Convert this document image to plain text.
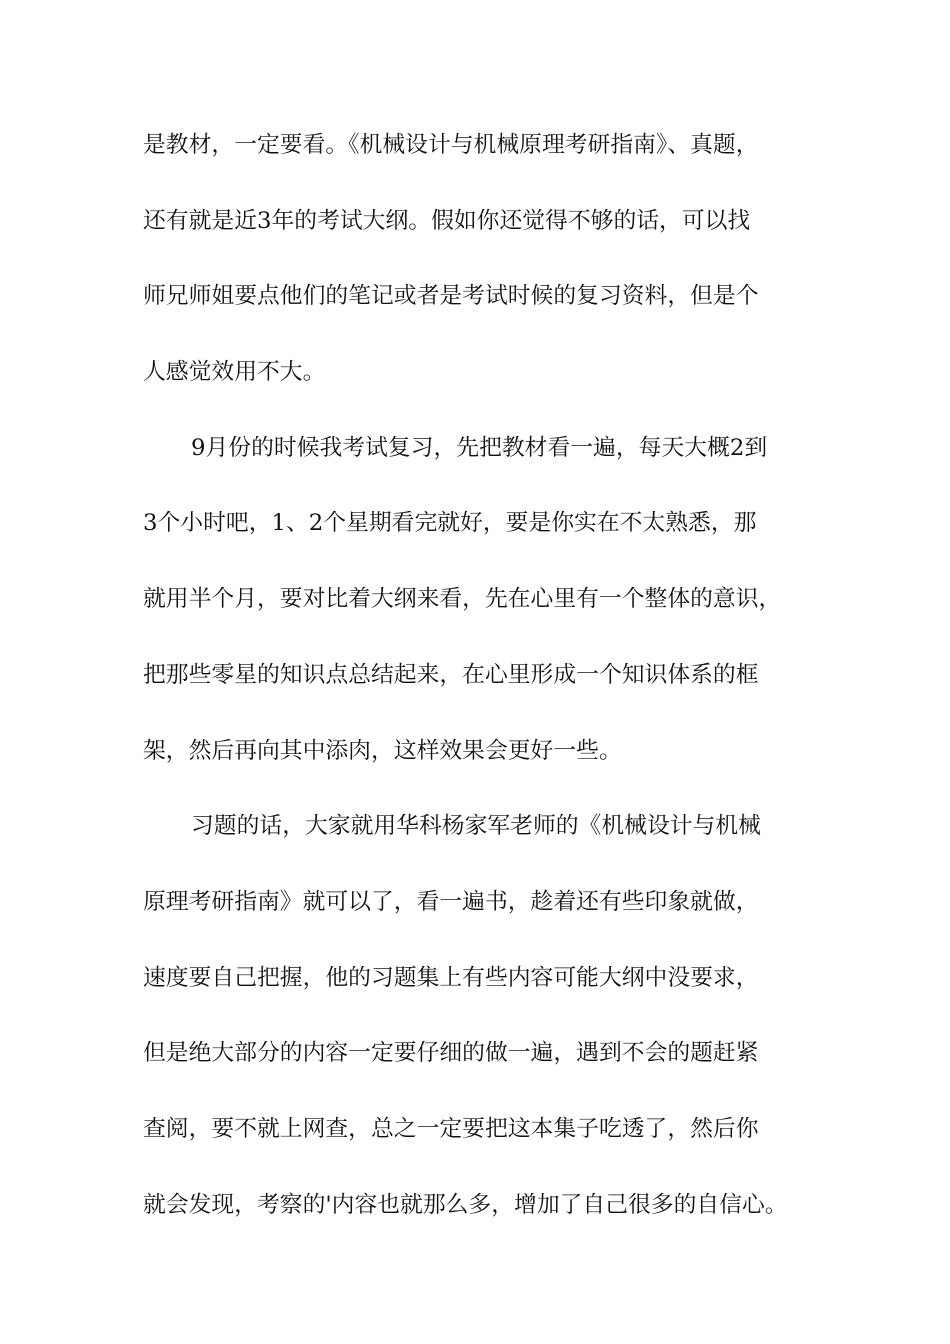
是教材，一定要看。《机械设计与机械原理考研指南》、真题，
还有就是近3年的考试大纲。假如你还觉得不够的话，可以找
师兄师姐要点他们的笔记或者是考试时候的复习资料，但是个
人感觉效用不大。
9月份的时候我考试复习，先把教材看一遍，每天大概2到
3个小时吧，1、2个星期看完就好，要是你实在不太熟悉，那
就用半个月，要对比着大纲来看，先在心里有一个整体的意识，
把那些零星的知识点总结起来，在心里形成一个知识体系的框
架，然后再向其中添肉，这样效果会更好一些。
习题的话，大家就用华科杨家军老师的《机械设计与机械
原理考研指南》就可以了，看一遍书，趁着还有些印象就做，
速度要自己把握，他的习题集上有些内容可能大纲中没要求，
但是绝大部分的内容一定要仔细的做一遍，遇到不会的题赶紧
查阅，要不就上网查，总之一定要把这本集子吃透了，然后你
就会发现，考察的'内容也就那么多，增加了自己很多的自信心。
